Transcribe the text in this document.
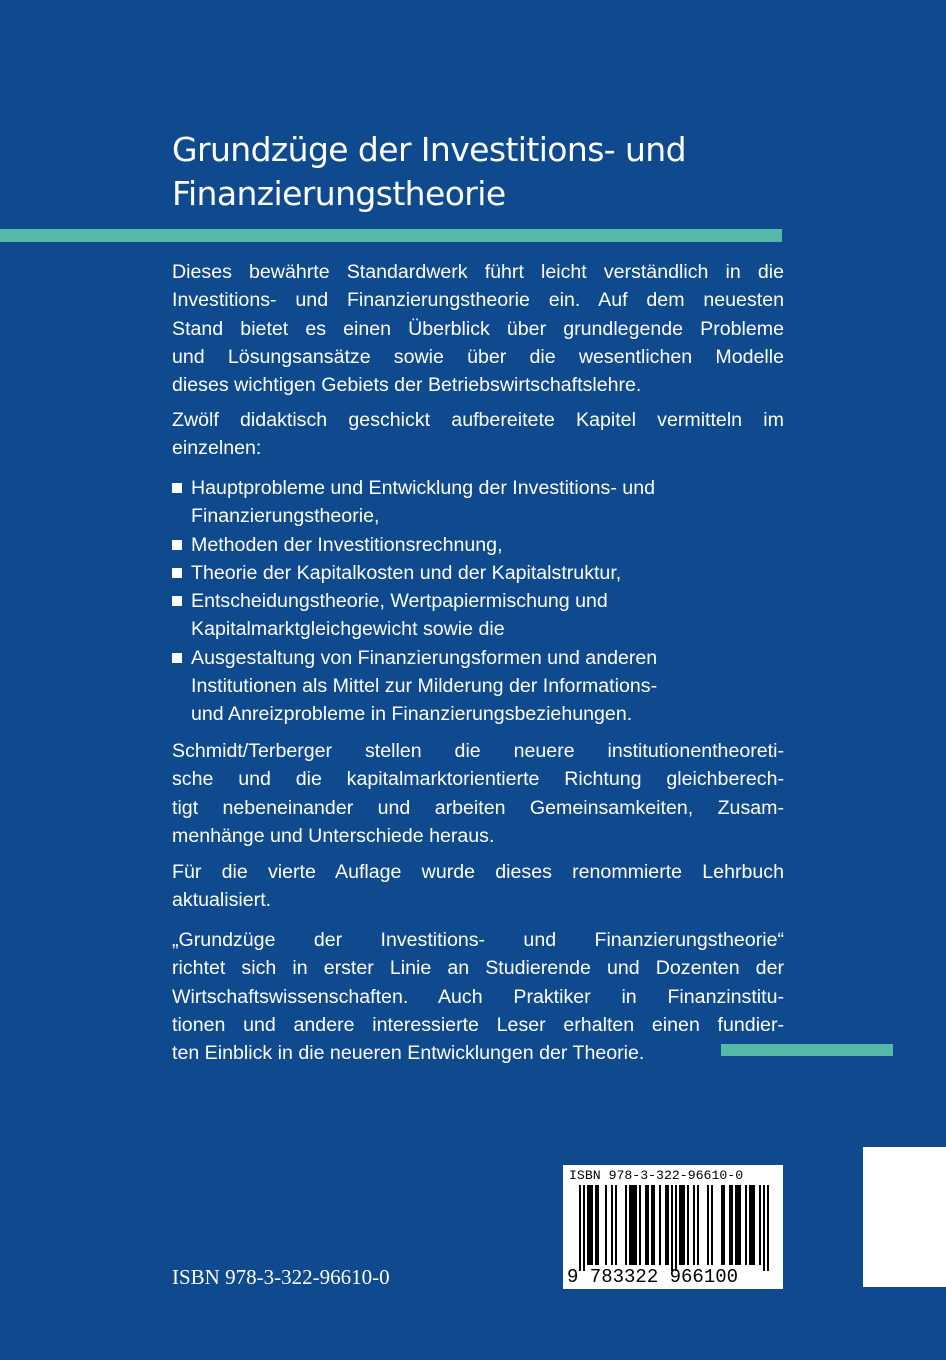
Grundzüge der Investitions- und
Finanzierungstheorie
Dieses bewährte Standardwerk führt leicht verständlich in die
Investitions- und Finanzierungstheorie ein. Auf dem neuesten
Stand bietet es einen Überblick über grundlegende Probleme
und Lösungsansätze sowie über die wesentlichen Modelle
dieses wichtigen Gebiets der Betriebswirtschaftslehre.
Zwölf didaktisch geschickt aufbereitete Kapitel vermitteln im
einzelnen:
Hauptprobleme und Entwicklung der Investitions- und
Finanzierungstheorie,
Methoden der Investitionsrechnung,
Theorie der Kapitalkosten und der Kapitalstruktur,
Entscheidungstheorie, Wertpapiermischung und
Kapitalmarktgleichgewicht sowie die
Ausgestaltung von Finanzierungsformen und anderen
Institutionen als Mittel zur Milderung der Informations-
und Anreizprobleme in Finanzierungsbeziehungen.
Schmidt/Terberger stellen die neuere institutionentheoreti-
sche und die kapitalmarktorientierte Richtung gleichberech-
tigt nebeneinander und arbeiten Gemeinsamkeiten, Zusam-
menhänge und Unterschiede heraus.
Für die vierte Auflage wurde dieses renommierte Lehrbuch
aktualisiert.
„Grundzüge der Investitions- und Finanzierungstheorie“
richtet sich in erster Linie an Studierende und Dozenten der
Wirtschaftswissenschaften. Auch Praktiker in Finanzinstitu-
tionen und andere interessierte Leser erhalten einen fundier-
ten Einblick in die neueren Entwicklungen der Theorie.
ISBN 978-3-322-96610-0
9 783322 966100
ISBN 978-3-322-96610-0
